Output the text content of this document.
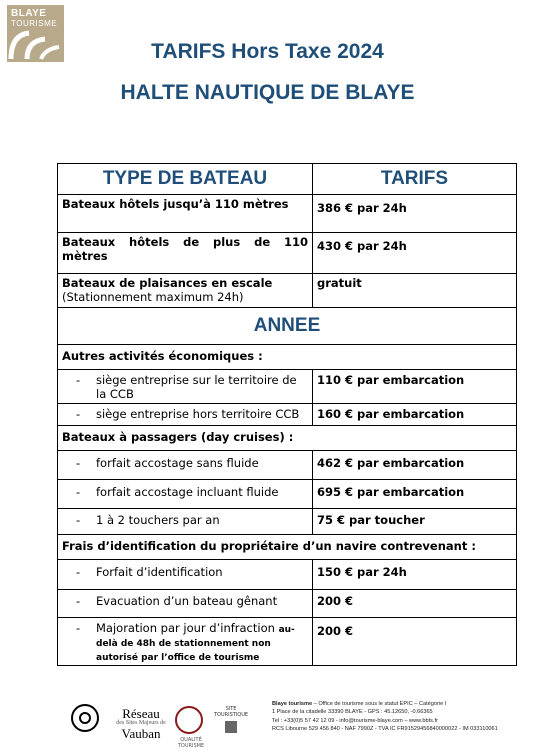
BLAYE
TOURISME
TARIFS Hors Taxe 2024
HALTE NAUTIQUE DE BLAYE
TYPE DE BATEAU	TARIFS
Bateaux hôtels jusqu’à 110 mètres	386 € par 24h
Bateaux hôtels de plus de 110 mètres	430 € par 24h

Bateaux de plaisances en escale
(Stationnement maximum 24h)	gratuit
ANNEE	
Autres activités économiques :	

- siège entreprise sur le territoire de la CCB	110 € par embarcation

- siège entreprise hors territoire CCB	160 € par embarcation
Bateaux à passagers (day cruises) :	

- forfait accostage sans fluide	462 € par embarcation

- forfait accostage incluant fluide	695 € par embarcation

- 1 à 2 touchers par an	75 € par toucher
Frais d’identification du propriétaire d’un navire contrevenant :	

- Forfait d’identification	150 € par 24h

- Evacuation d’un bateau gênant	200 €

- Majoration par jour d’infraction au-delà de 48h de stationnement non autorisé par l’office de tourisme	200 €
Réseau
des Sites Majeurs de
Vauban	QUALITÉ TOURISME
SITE TOURISTIQUE
Blaye tourisme – Office de tourisme sous le statut EPIC – Catégorie I
1 Place de la citadelle 33390 BLAYE - GPS : 45.12650, -0.66365
Tel : +33(0)5 57 42 12 09 - info@tourisme-blaye.com – www.bbts.fr
RCS Libourne 529 456 840 - NAF 7990Z - TVA IC FR91529456840000022 - IM 033110061
